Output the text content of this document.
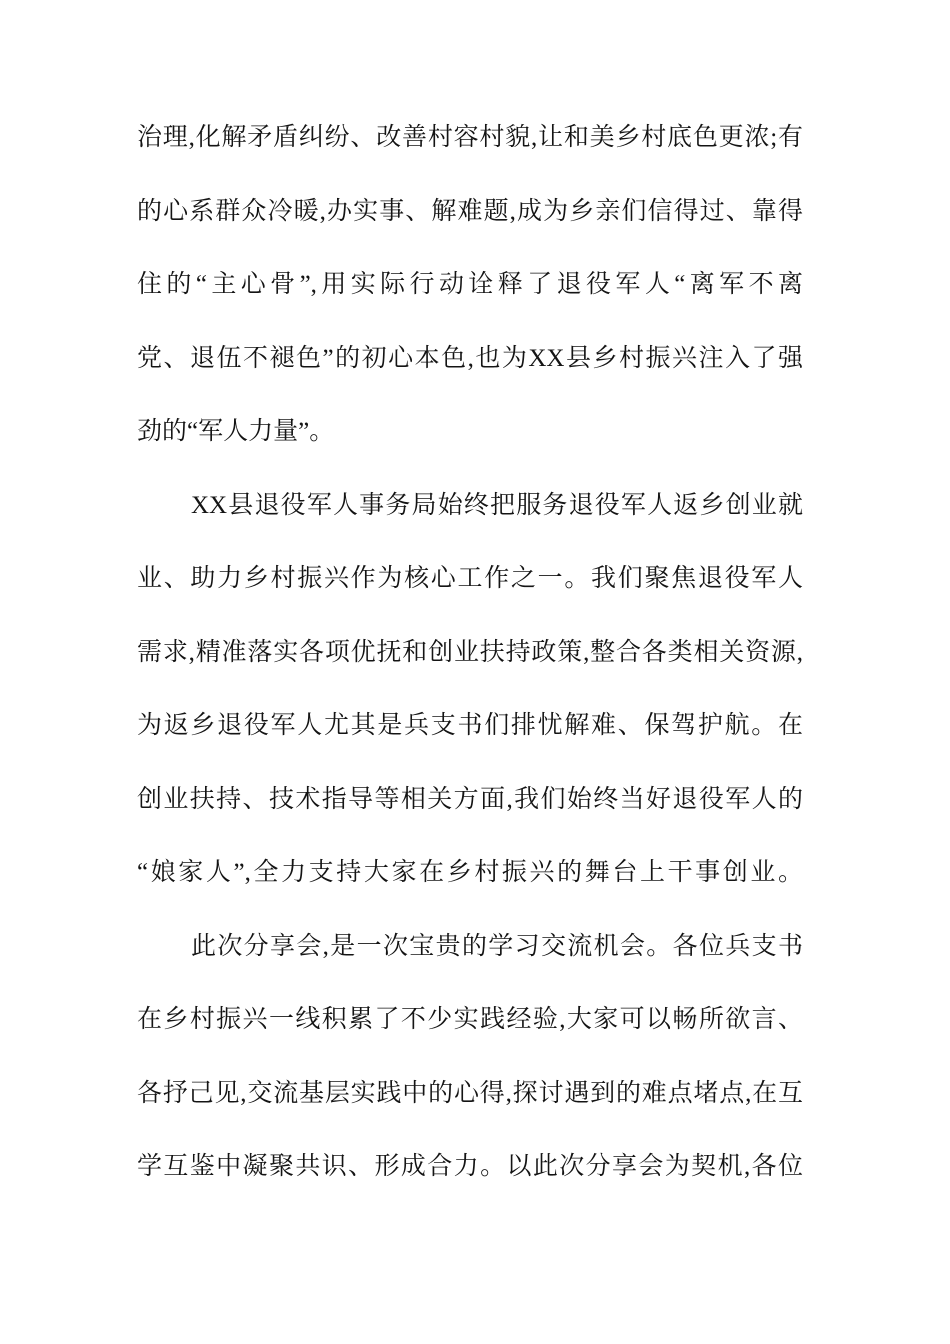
治理,化解矛盾纠纷、改善村容村貌,让和美乡村底色更浓;有
的心系群众冷暖,办实事、解难题,成为乡亲们信得过、靠得
住的“主心骨”,用实际行动诠释了退役军人“离军不离
党、退伍不褪色”的初心本色,也为XX县乡村振兴注入了强
劲的“军人力量”。
XX县退役军人事务局始终把服务退役军人返乡创业就
业、助力乡村振兴作为核心工作之一。我们聚焦退役军人
需求,精准落实各项优抚和创业扶持政策,整合各类相关资源,
为返乡退役军人尤其是兵支书们排忧解难、保驾护航。在
创业扶持、技术指导等相关方面,我们始终当好退役军人的
“娘家人”,全力支持大家在乡村振兴的舞台上干事创业。
此次分享会,是一次宝贵的学习交流机会。各位兵支书
在乡村振兴一线积累了不少实践经验,大家可以畅所欲言、
各抒己见,交流基层实践中的心得,探讨遇到的难点堵点,在互
学互鉴中凝聚共识、形成合力。以此次分享会为契机,各位
